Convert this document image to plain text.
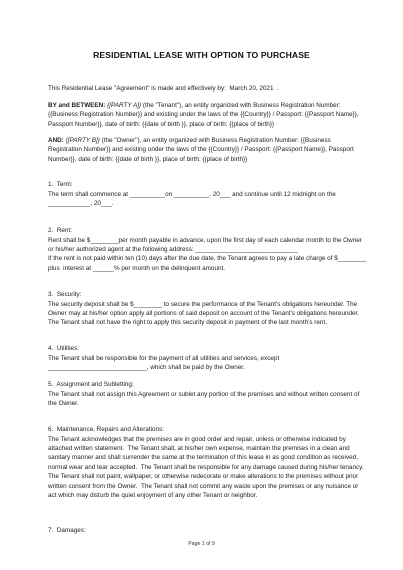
RESIDENTIAL LEASE WITH OPTION TO PURCHASE

This Residential Lease "Agreement" is made and effectively by:  March 20, 2021  .

BY and BETWEEN: {[PARTY A]} (the "Tenant"), an entity organized with Business Registration Number: {{Business Registration Number}} and existing under the laws of the {{Country}} / Passport: {{Passport Name}}, Passport Number}}, date of birth: {{date of birth }}, place of birth: {{place of birth}}

AND: {[PARTY B]} (the "Owner"), an entity organized with Business Registration Number: {{Business Registration Number}} and existing under the laws of the {{Country}} / Passport: {{Passport Name}}, Passport Number}}, date of birth: {{date of birth }}, place of birth: {{place of birth}}

1.  Term:

The term shall commence at __________on __________, 20___ and continue until 12 midnight on the ____________, 20___.

2.  Rent:

Rent shall be $________per month payable in advance, upon the first day of each calendar month to the Owner or his/her authorized agent at the following address: _____________________________
If the rent is not paid within ten (10) days after the due date, the Tenant agrees to pay a late charge of $________ plus  interest at ______% per month on the delinquent amount.

3.  Security:

The security deposit shall be $________ to secure the performance of the Tenant's obligations hereunder. The Owner may at his/her option apply all portions of said deposit on account of the Tenant's obligations hereunder. The Tenant shall not have the right to apply this security deposit in payment of the last month's rent.

4.  Utilities:

The Tenant shall be responsible for the payment of all utilities and services, except ____________________________, which shall be paid by the Owner.

5.  Assignment and Subletting:

The Tenant shall not assign this Agreement or sublet any portion of the premises and without written consent of the Owner.

6.  Maintenance, Repairs and Alterations:

The Tenant acknowledges that the premises are in good order and repair, unless or otherwise indicated by attached written statement.  The Tenant shall, at his/her own expense, maintain the premises in a clean and sanitary manner and shall surrender the same at the termination of this lease in as good condition as received, normal wear and tear accepted.  The Tenant shall be responsible for any damage caused during his/her tenancy.  The Tenant shall not paint, wallpaper, or otherwise redecorate or make alterations to the premises without prior written consent from the Owner.  The Tenant shall not commit any waste upon the premises or any nuisance or act which may disturb the quiet enjoyment of any other Tenant or neighbor.

7.  Damages:

Page 1 of 9
